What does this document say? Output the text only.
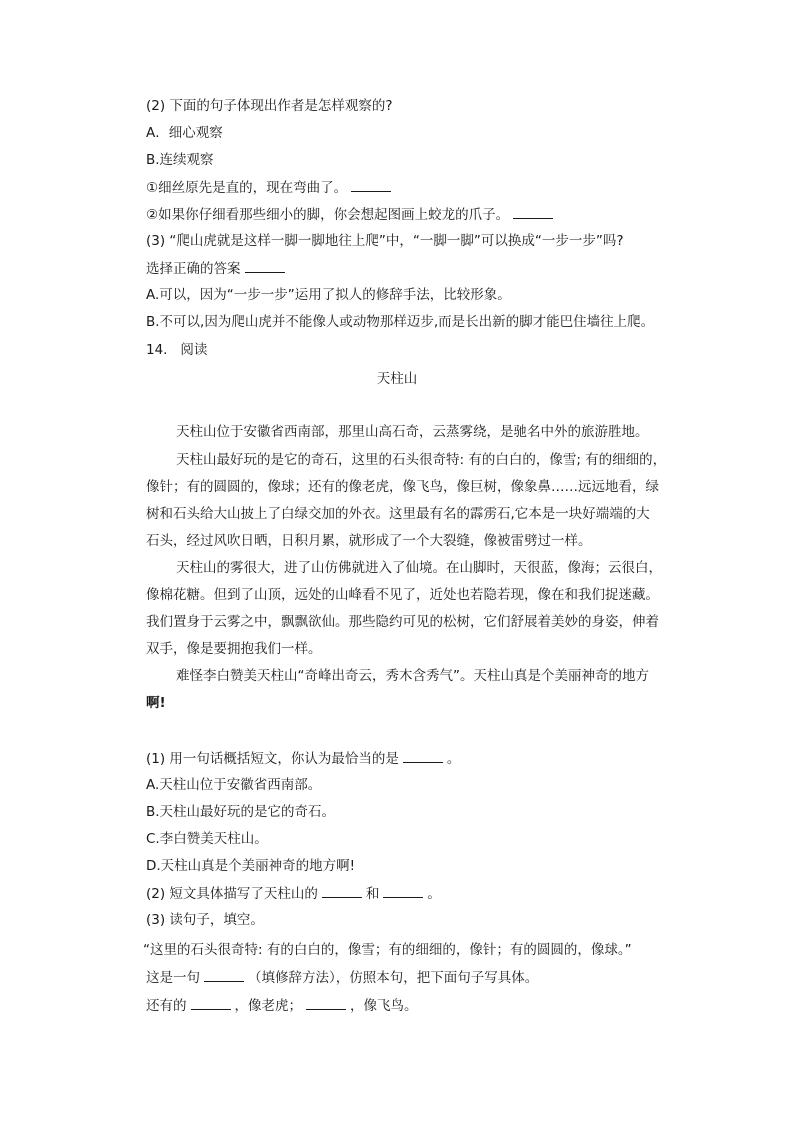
(2) 下面的句子体现出作者是怎样观察的?
A．细心观察
B.连续观察
①细丝原先是直的，现在弯曲了。
②如果你仔细看那些细小的脚，你会想起图画上蛟龙的爪子。
(3) “爬山虎就是这样一脚一脚地往上爬”中，“一脚一脚”可以换成“一步一步”吗?
选择正确的答案
A.可以，因为“一步一步”运用了拟人的修辞手法，比较形象。
B.不可以,因为爬山虎并不能像人或动物那样迈步,而是长出新的脚才能巴住墙往上爬。
14. 阅读
天柱山
天柱山位于安徽省西南部，那里山高石奇，云蒸雾绕，是驰名中外的旅游胜地。
天柱山最好玩的是它的奇石，这里的石头很奇特: 有的白白的，像雪; 有的细细的，
像针；有的圆圆的，像球；还有的像老虎，像飞鸟，像巨树，像象鼻……远远地看，绿
树和石头给大山披上了白绿交加的外衣。这里最有名的霹雳石,它本是一块好端端的大
石头，经过风吹日晒，日积月累，就形成了一个大裂缝，像被雷劈过一样。
天柱山的雾很大，进了山仿佛就进入了仙境。在山脚时，天很蓝，像海；云很白，
像棉花糖。但到了山顶，远处的山峰看不见了，近处也若隐若现，像在和我们捉迷藏。
我们置身于云雾之中，飘飘欲仙。那些隐约可见的松树，它们舒展着美妙的身姿，伸着
双手，像是要拥抱我们一样。
难怪李白赞美天柱山“奇峰出奇云，秀木含秀气”。天柱山真是个美丽神奇的地方
啊!
(1) 用一句话概括短文，你认为最恰当的是	。
A.天柱山位于安徽省西南部。
B.天柱山最好玩的是它的奇石。
C.李白赞美天柱山。
D.天柱山真是个美丽神奇的地方啊!
(2) 短文具体描写了天柱山的	和	。
(3) 读句子，填空。
“这里的石头很奇特: 有的白白的，像雪；有的细细的，像针；有的圆圆的，像球。”
这是一句	（填修辞方法），仿照本句，把下面句子写具体。
还有的	，像老虎；	，像飞鸟。
